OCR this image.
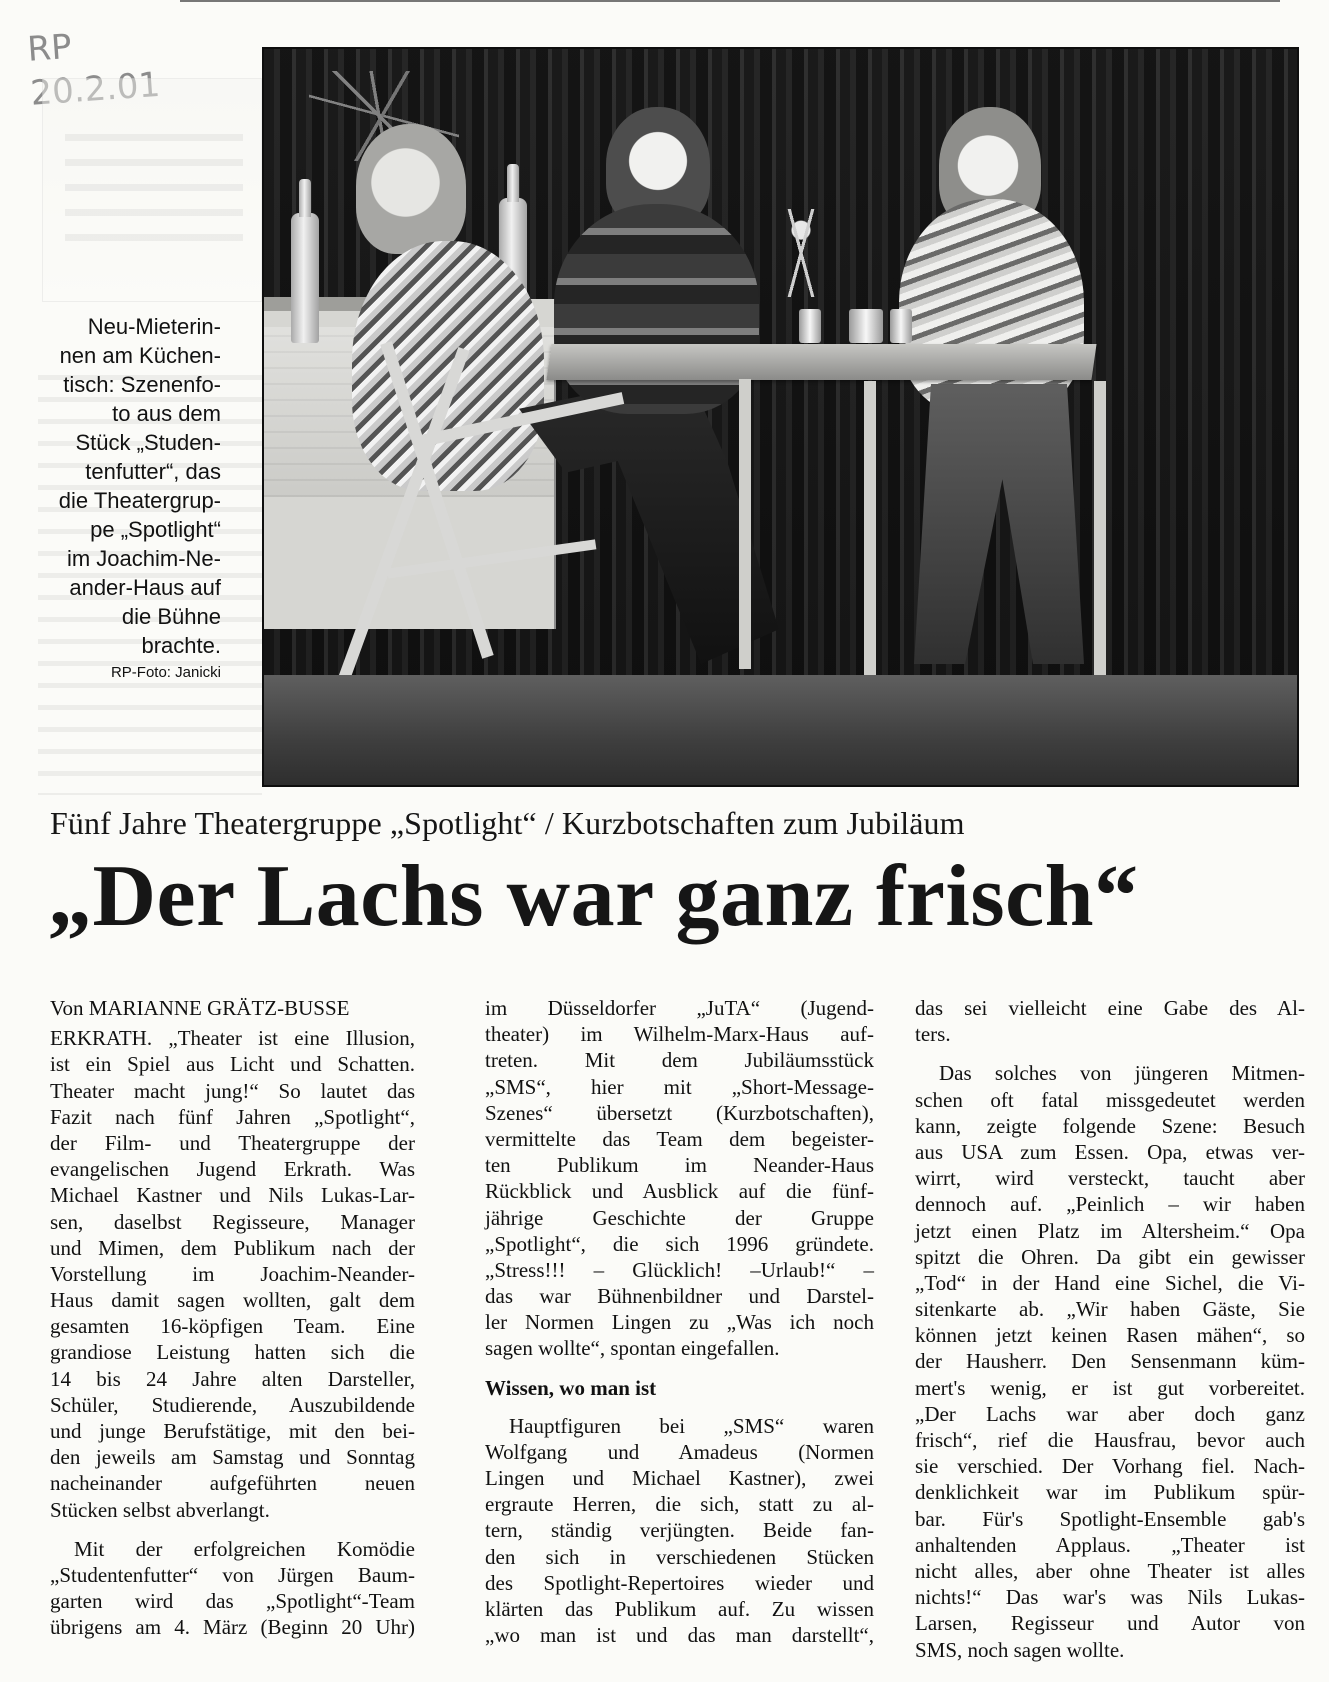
RP
20.2.01
Neu-Mieterin-
nen am Küchen-
tisch: Szenenfo-
to aus dem
Stück „Studen-
tenfutter“, das
die Theatergrup-
pe „Spotlight“
im Joachim-Ne-
ander-Haus auf
die Bühne
brachte.
RP-Foto: Janicki
Fünf Jahre Theatergruppe „Spotlight“ / Kurzbotschaften zum Jubiläum
„Der Lachs war ganz frisch“
Von MARIANNE GRÄTZ-BUSSE
ERKRATH. „Theater ist eine Illusion,
ist ein Spiel aus Licht und Schatten.
Theater macht jung!“ So lautet das
Fazit nach fünf Jahren „Spotlight“,
der Film- und Theatergruppe der
evangelischen Jugend Erkrath. Was
Michael Kastner und Nils Lukas-Lar-
sen, daselbst Regisseure, Manager
und Mimen, dem Publikum nach der
Vorstellung im Joachim-Neander-
Haus damit sagen wollten, galt dem
gesamten 16-köpfigen Team. Eine
grandiose Leistung hatten sich die
14 bis 24 Jahre alten Darsteller,
Schüler, Studierende, Auszubildende
und junge Berufstätige, mit den bei-
den jeweils am Samstag und Sonntag
nacheinander aufgeführten neuen
Stücken selbst abverlangt.
Mit der erfolgreichen Komödie
„Studentenfutter“ von Jürgen Baum-
garten wird das „Spotlight“-Team
übrigens am 4. März (Beginn 20 Uhr)
im Düsseldorfer „JuTA“ (Jugend-
theater) im Wilhelm-Marx-Haus auf-
treten. Mit dem Jubiläumsstück
„SMS“, hier mit „Short-Message-
Szenes“ übersetzt (Kurzbotschaften),
vermittelte das Team dem begeister-
ten Publikum im Neander-Haus
Rückblick und Ausblick auf die fünf-
jährige Geschichte der Gruppe
„Spotlight“, die sich 1996 gründete.
„Stress!!! – Glücklich! –Urlaub!“ –
das war Bühnenbildner und Darstel-
ler Normen Lingen zu „Was ich noch
sagen wollte“, spontan eingefallen.
Wissen, wo man ist
Hauptfiguren bei „SMS“ waren
Wolfgang und Amadeus (Normen
Lingen und Michael Kastner), zwei
ergraute Herren, die sich, statt zu al-
tern, ständig verjüngten. Beide fan-
den sich in verschiedenen Stücken
des Spotlight-Repertoires wieder und
klärten das Publikum auf. Zu wissen
„wo man ist und das man darstellt“,
das sei vielleicht eine Gabe des Al-
ters.
Das solches von jüngeren Mitmen-
schen oft fatal missgedeutet werden
kann, zeigte folgende Szene: Besuch
aus USA zum Essen. Opa, etwas ver-
wirrt, wird versteckt, taucht aber
dennoch auf. „Peinlich – wir haben
jetzt einen Platz im Altersheim.“ Opa
spitzt die Ohren. Da gibt ein gewisser
„Tod“ in der Hand eine Sichel, die Vi-
sitenkarte ab. „Wir haben Gäste, Sie
können jetzt keinen Rasen mähen“, so
der Hausherr. Den Sensenmann küm-
mert's wenig, er ist gut vorbereitet.
„Der Lachs war aber doch ganz
frisch“, rief die Hausfrau, bevor auch
sie verschied. Der Vorhang fiel. Nach-
denklichkeit war im Publikum spür-
bar. Für's Spotlight-Ensemble gab's
anhaltenden Applaus. „Theater ist
nicht alles, aber ohne Theater ist alles
nichts!“ Das war's was Nils Lukas-
Larsen, Regisseur und Autor von
SMS, noch sagen wollte.
